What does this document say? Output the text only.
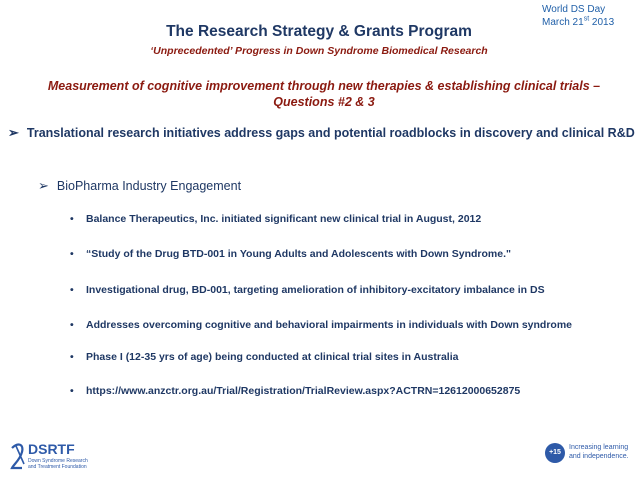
World DS Day
March 21st 2013
The Research Strategy & Grants Program
‘Unprecedented’ Progress in Down Syndrome Biomedical Research
Measurement of cognitive improvement through new therapies & establishing clinical trials – Questions #2 & 3
➢ Translational research initiatives address gaps and potential roadblocks in discovery and clinical R&D
➢ BioPharma Industry Engagement
• Balance Therapeutics, Inc. initiated significant new clinical trial in August, 2012
• “Study of the Drug BTD-001 in Young Adults and Adolescents with Down Syndrome."
• Investigational drug, BD-001, targeting amelioration of inhibitory-excitatory imbalance in DS
• Addresses overcoming cognitive and behavioral impairments in individuals with Down syndrome
• Phase I (12-35 yrs of age) being conducted at clinical trial sites in Australia
• https://www.anzctr.org.au/Trial/Registration/TrialReview.aspx?ACTRN=12612000652875
DSRTF
Down Syndrome Research
and Treatment Foundation
+15
Increasing learning
and independence.
